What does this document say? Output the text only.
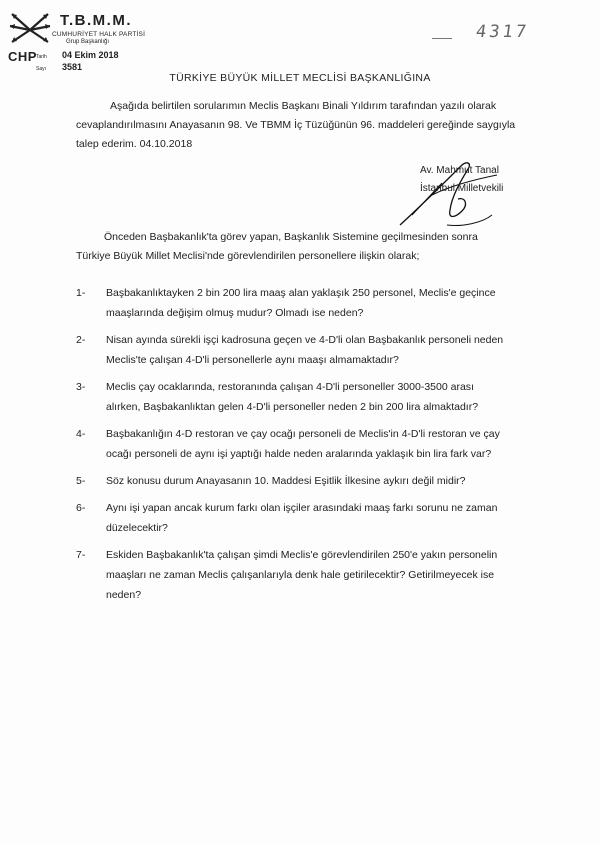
CHP
T.B.M.M.
CUMHURİYET HALK PARTİSİ
Grup Başkanlığı
Tarih	04 Ekim 2018
Sayı	3581
4317
TÜRKİYE BÜYÜK MİLLET MECLİSİ BAŞKANLIĞINA
Aşağıda belirtilen sorularımın Meclis Başkanı Binali Yıldırım tarafından yazılı olarak
cevaplandırılmasını Anayasanın 98. Ve TBMM İç Tüzüğünün 96. maddeleri gereğinde saygıyla
talep ederim. 04.10.2018
Av. Mahmut Tanal
İstanbul Milletvekili
Önceden Başbakanlık'ta görev yapan, Başkanlık Sistemine geçilmesinden sonra
Türkiye Büyük Millet Meclisi'nde görevlendirilen personellere ilişkin olarak;
1-	Başbakanlıktayken 2 bin 200 lira maaş alan yaklaşık 250 personel, Meclis'e geçince
maaşlarında değişim olmuş mudur? Olmadı ise neden?
2-	Nisan ayında sürekli işçi kadrosuna geçen ve 4-D'li olan Başbakanlık personeli neden
Meclis'te çalışan 4-D'li personellerle aynı maaşı almamaktadır?
3-	Meclis çay ocaklarında, restoranında çalışan 4-D'li personeller 3000-3500 arası
alırken, Başbakanlıktan gelen 4-D'li personeller neden 2 bin 200 lira almaktadır?
4-	Başbakanlığın 4-D restoran ve çay ocağı personeli de Meclis'in 4-D'li restoran ve çay
ocağı personeli de aynı işi yaptığı halde neden aralarında yaklaşık bin lira fark var?
5-	Söz konusu durum Anayasanın 10. Maddesi Eşitlik İlkesine aykırı değil midir?
6-	Aynı işi yapan ancak kurum farkı olan işçiler arasındaki maaş farkı sorunu ne zaman
düzelecektir?
7-	Eskiden Başbakanlık'ta çalışan şimdi Meclis'e görevlendirilen 250'e yakın personelin
maaşları ne zaman Meclis çalışanlarıyla denk hale getirilecektir? Getirilmeyecek ise
neden?
